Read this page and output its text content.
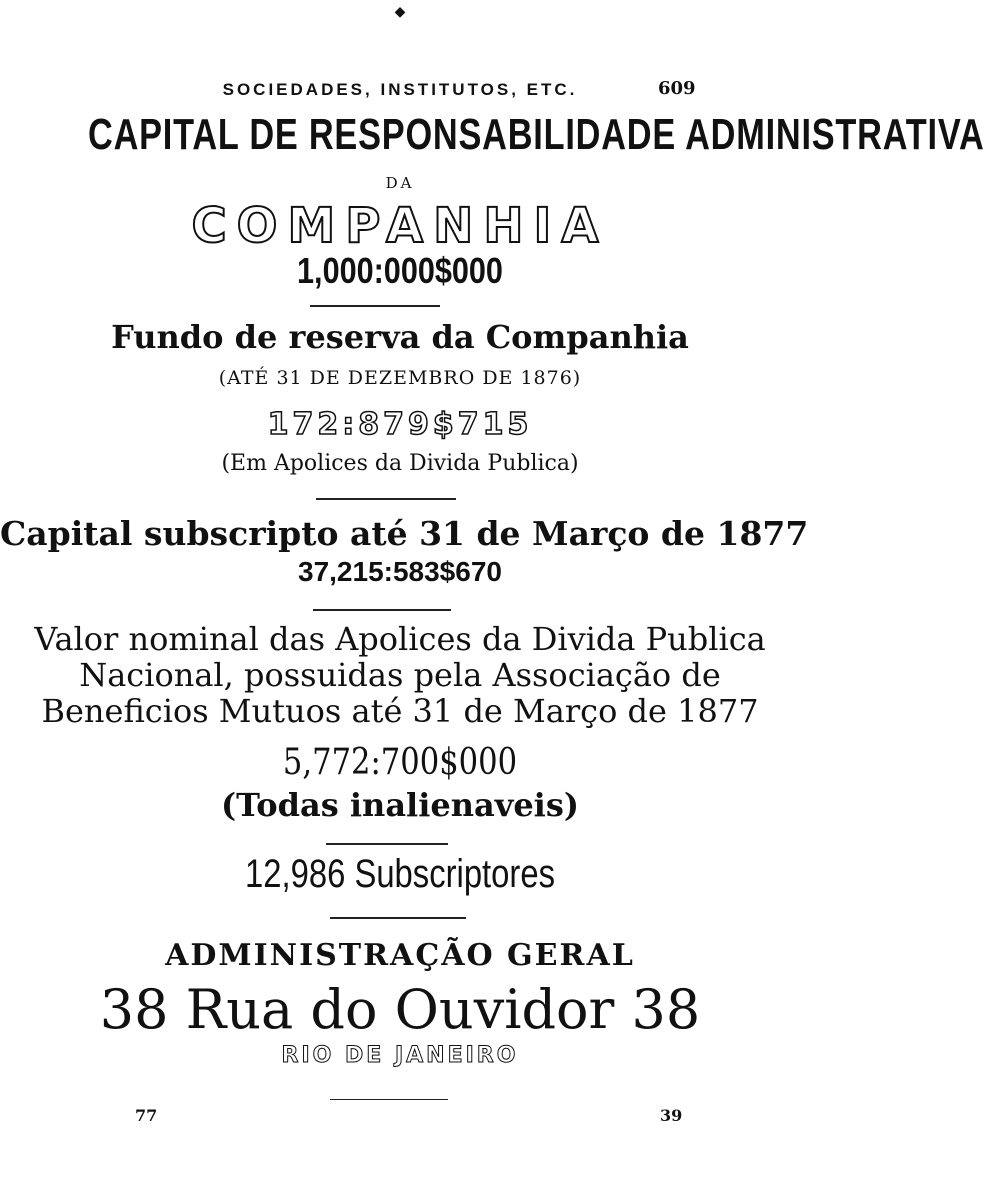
◆
SOCIEDADES, INSTITUTOS, ETC.	609
CAPITAL DE RESPONSABILIDADE ADMINISTRATIVA
DA
COMPANHIA
1,000:000$000
Fundo de reserva da Companhia
(ATÉ 31 DE DEZEMBRO DE 1876)
172:879$715
(Em Apolices da Divida Publica)
Capital subscripto até 31 de Março de 1877
37,215:583$670
Valor nominal das Apolices da Divida Publica
Nacional, possuidas pela Associação de
Beneficios Mutuos até 31 de Março de 1877
5,772:700$000
(Todas inalienaveis)
12,986 Subscriptores
ADMINISTRAÇÃO GERAL
38 Rua do Ouvidor 38
RIO DE JANEIRO
77	39
